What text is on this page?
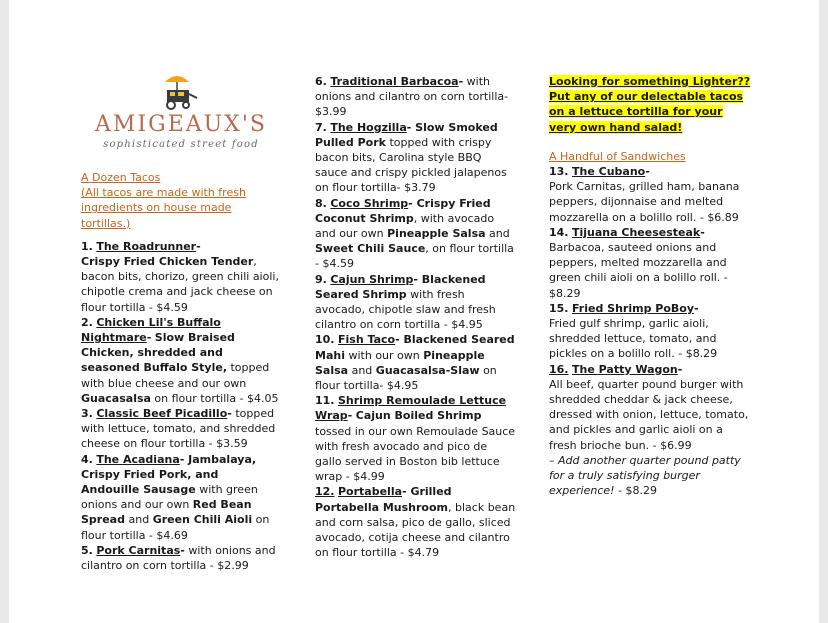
AMIGEAUX'S
sophisticated street food
A Dozen Tacos
(All tacos are made with fresh ingredients on house made tortillas.)
1. The Roadrunner-
Crispy Fried Chicken Tender, bacon bits, chorizo, green chili aioli, chipotle crema and jack cheese on flour tortilla - $4.59
2. Chicken Lil's Buffalo Nightmare- Slow Braised Chicken, shredded and seasoned Buffalo Style, topped with blue cheese and our own Guacasalsa on flour tortilla - $4.05
3. Classic Beef Picadillo- topped with lettuce, tomato, and shredded cheese on flour tortilla - $3.59
4. The Acadiana- Jambalaya, Crispy Fried Pork, and Andouille Sausage with green onions and our own Red Bean Spread and Green Chili Aioli on flour tortilla - $4.69
5. Pork Carnitas- with onions and cilantro on corn tortilla - $2.99
6. Traditional Barbacoa- with onions and cilantro on corn tortilla- $3.99
7. The Hogzilla- Slow Smoked Pulled Pork topped with crispy bacon bits, Carolina style BBQ sauce and crispy pickled jalapenos on flour tortilla- $3.79
8. Coco Shrimp- Crispy Fried Coconut Shrimp, with avocado and our own Pineapple Salsa and Sweet Chili Sauce, on flour tortilla - $4.59
9. Cajun Shrimp- Blackened Seared Shrimp with fresh avocado, chipotle slaw and fresh cilantro on corn tortilla - $4.95
10. Fish Taco- Blackened Seared Mahi with our own Pineapple Salsa and Guacasalsa-Slaw on flour tortilla- $4.95
11. Shrimp Remoulade Lettuce Wrap- Cajun Boiled Shrimp tossed in our own Remoulade Sauce with fresh avocado and pico de gallo served in Boston bib lettuce wrap - $4.99
12. Portabella- Grilled Portabella Mushroom, black bean and corn salsa, pico de gallo, sliced avocado, cotija cheese and cilantro on flour tortilla - $4.79
Looking for something Lighter?? Put any of our delectable tacos on a lettuce tortilla for your very own hand salad!
A Handful of Sandwiches
13. The Cubano-
Pork Carnitas, grilled ham, banana peppers, dijonnaise and melted mozzarella on a bolillo roll. - $6.89
14. Tijuana Cheesesteak-
Barbacoa, sauteed onions and peppers, melted mozzarella and green chili aioli on a bolillo roll. - $8.29
15. Fried Shrimp PoBoy-
Fried gulf shrimp, garlic aioli, shredded lettuce, tomato, and pickles on a bolillo roll. - $8.29
16. The Patty Wagon-
All beef, quarter pound burger with shredded cheddar & jack cheese, dressed with onion, lettuce, tomato, and pickles and garlic aioli on a fresh brioche bun. - $6.99
– Add another quarter pound patty for a truly satisfying burger experience! - $8.29
